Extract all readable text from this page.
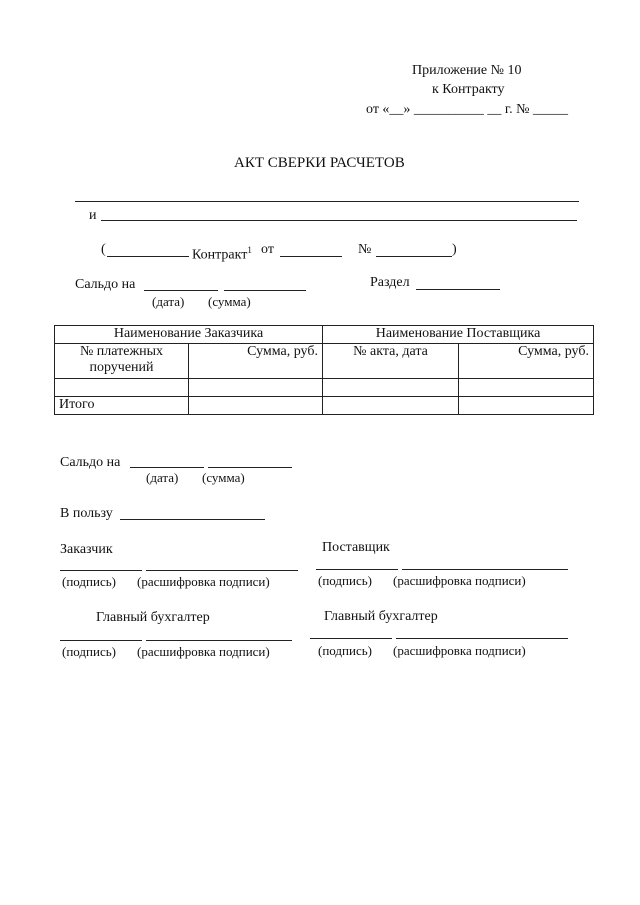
Приложение № 10
к Контракту
от «__» __________ __ г. № _____
АКТ СВЕРКИ РАСЧЕТОВ
и
(	Контракт$^1$ от	№	)
Сальдо на
(дата) (сумма)
Раздел
Наименование Заказчика		Наименование Поставщика	
№ платежных поручений	Сумма, руб.	№ акта, дата	Сумма, руб.

Итого			
Сальдо на
(дата) (сумма)
В пользу
Заказчик	Поставщик
(подпись) (расшифровка подписи)	(подпись) (расшифровка подписи)
Главный бухгалтер	Главный бухгалтер
(подпись) (расшифровка подписи)	(подпись) (расшифровка подписи)
